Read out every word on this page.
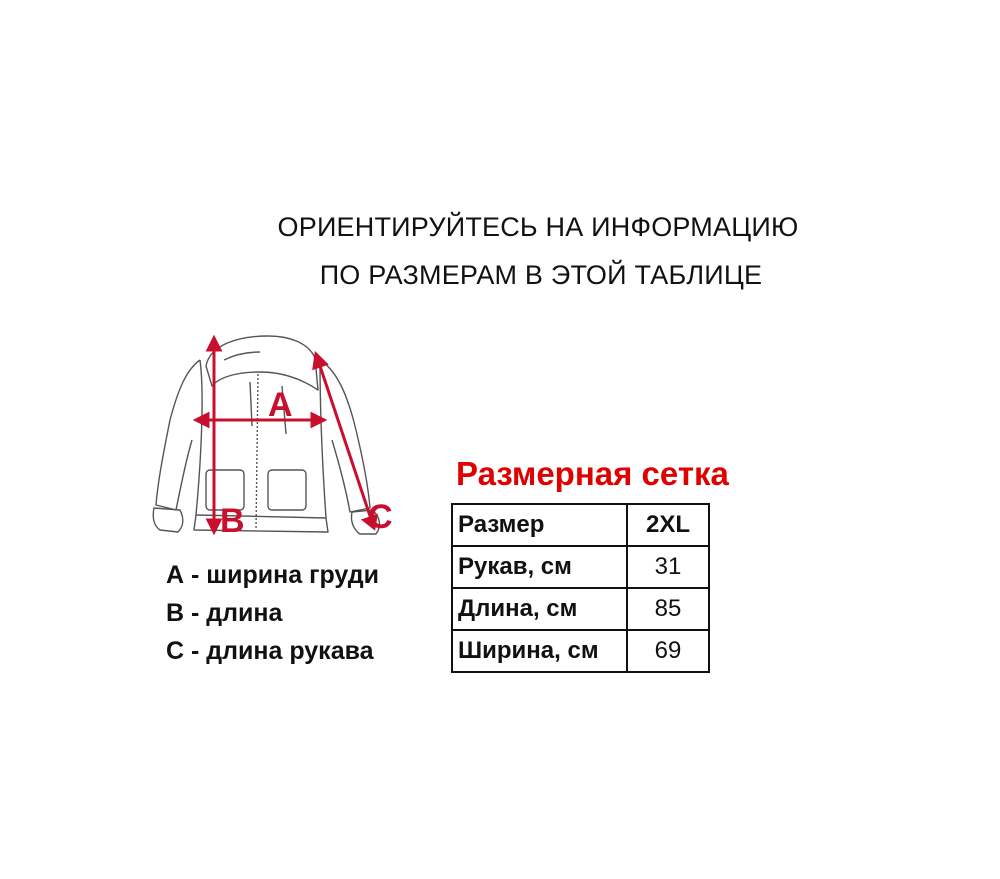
ОРИЕНТИРУЙТЕСЬ НА ИНФОРМАЦИЮ
ПО РАЗМЕРАМ В ЭТОЙ ТАБЛИЦЕ
A
B	C
А - ширина груди
В - длина
С - длина рукава
Размерная сетка
Размер	2XL
Рукав, см	31
Длина, см	85
Ширина, см	69
